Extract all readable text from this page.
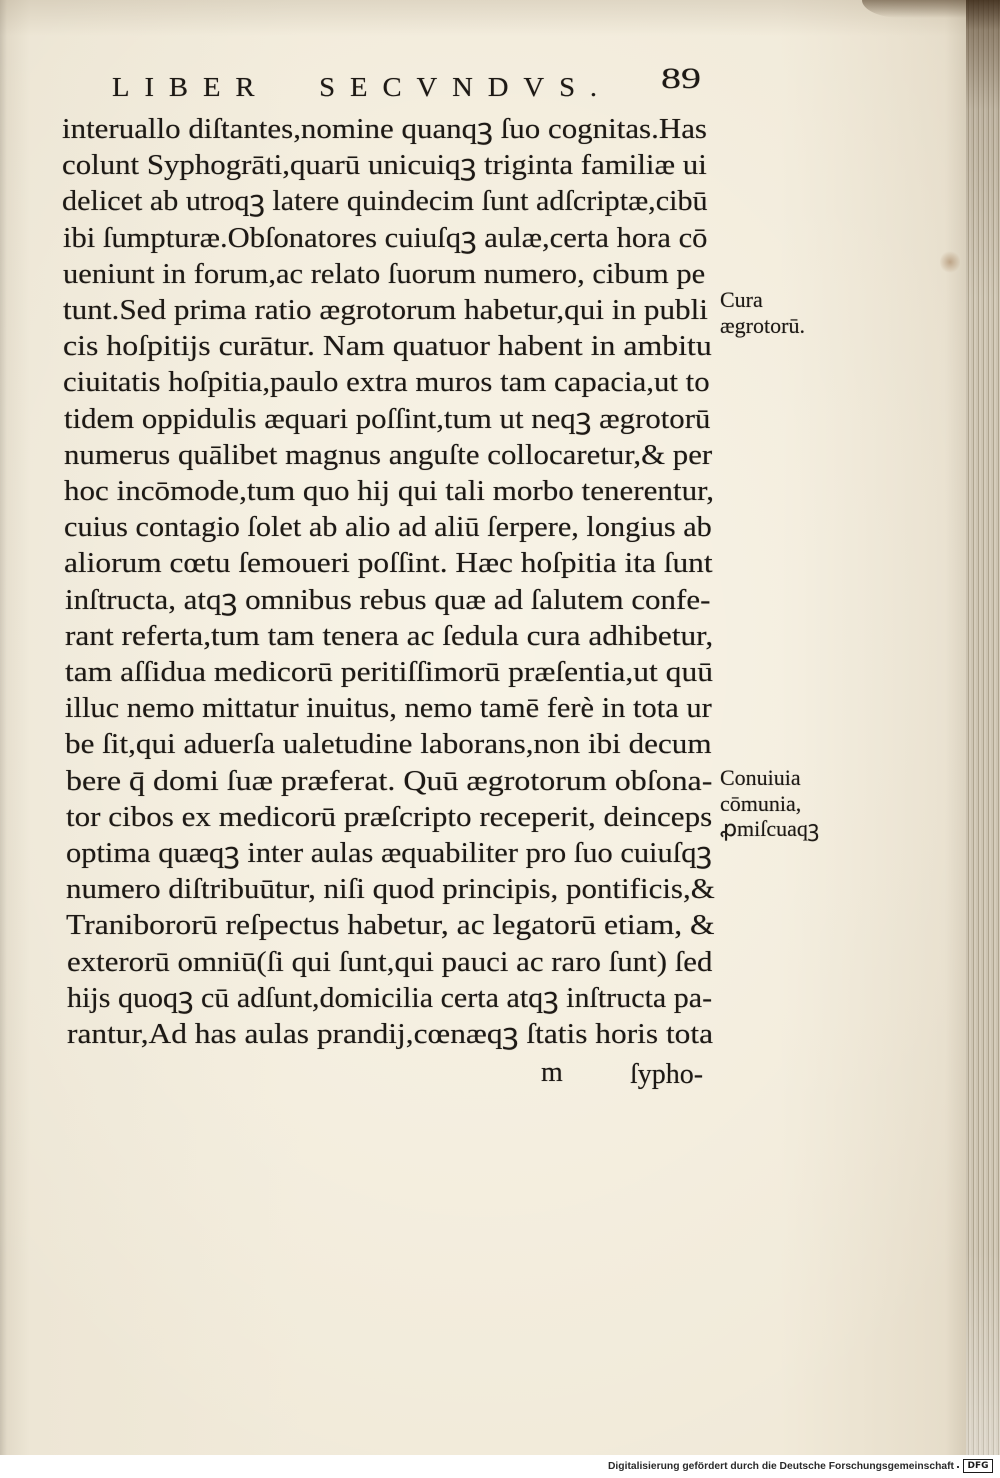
LIBER SECVNDVS. 89
interuallo diſtantes,nomine quanqꝫ ſuo cognitas.Has
colunt Syphogrāti,quarū unicuiqꝫ triginta familiæ ui
delicet ab utroqꝫ latere quindecim ſunt adſcriptæ,cibū
ibi ſumpturæ.Obſonatores cuiuſqꝫ aulæ,certa hora cō
ueniunt in forum,ac relato ſuorum numero, cibum pe
tunt.Sed prima ratio ægrotorum habetur,qui in publi
cis hoſpitijs curātur. Nam quatuor habent in ambitu
ciuitatis hoſpitia,paulo extra muros tam capacia,ut to
tidem oppidulis æquari poſſint,tum ut neqꝫ ægrotorū
numerus quālibet magnus anguſte collocaretur,& per
hoc incōmode,tum quo hij qui tali morbo tenerentur,
cuius contagio ſolet ab alio ad aliū ſerpere, longius ab
aliorum cœtu ſemoueri poſſint. Hæc hoſpitia ita ſunt
inſtructa, atqꝫ omnibus rebus quæ ad ſalutem confe-
rant referta,tum tam tenera ac ſedula cura adhibetur,
tam aſſidua medicorū peritiſſimorū præſentia,ut quū
illuc nemo mittatur inuitus, nemo tamē ferè in tota ur
be ſit,qui aduerſa ualetudine laborans,non ibi decum
bere q̄ domi ſuæ præferat. Quū ægrotorum obſona-
tor cibos ex medicorū præſcripto receperit, deinceps
optima quæqꝫ inter aulas æquabiliter pro ſuo cuiuſqꝫ
numero diſtribuūtur, niſi quod principis, pontificis,&
Tranibororū reſpectus habetur, ac legatorū etiam, &
exterorū omniū(ſi qui ſunt,qui pauci ac raro ſunt) ſed
hijs quoqꝫ cū adſunt,domicilia certa atqꝫ inſtructa pa-
rantur,Ad has aulas prandij,cœnæqꝫ ſtatis horis tota
m ſypho-
Cura
ægrotorū.
Conuiuia
cōmunia,
ꝓmiſcuaqꝫ
Digitalisierung gefördert durch die Deutsche Forschungsgemeinschaft	DFG
